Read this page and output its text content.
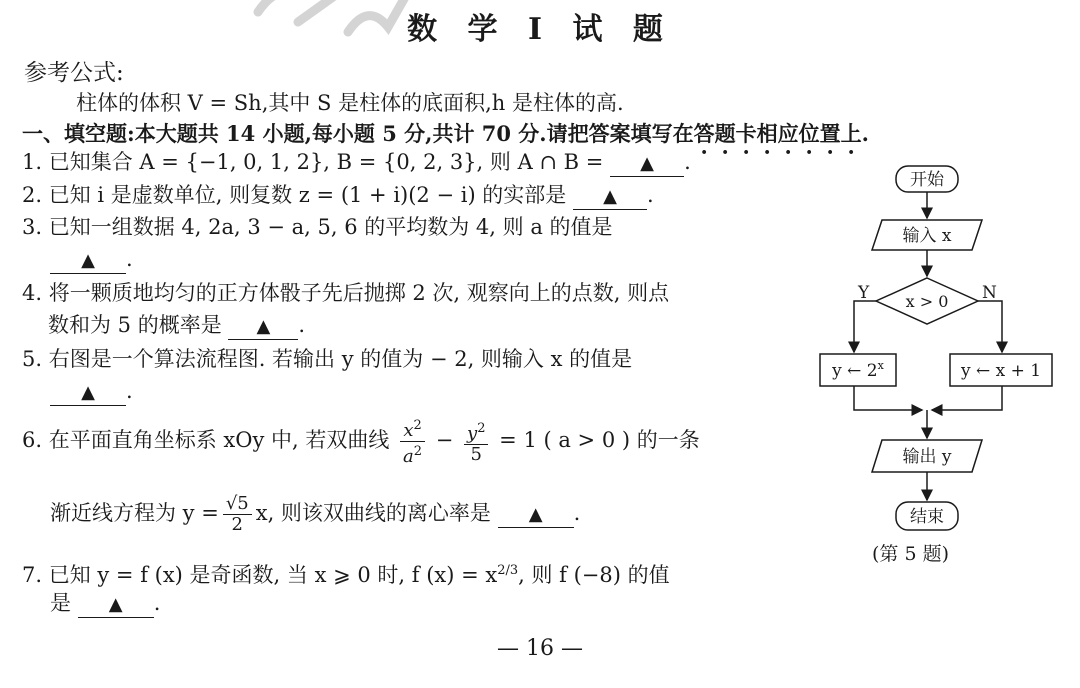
数 学 Ⅰ 试 题
参考公式:
柱体的体积 V = Sh,其中 S 是柱体的底面积,h 是柱体的高.
一、填空题:本大题共 14 小题,每小题 5 分,共计 70 分.请把答案填写在答题卡相应位置上.
1. 已知集合 A = {−1, 0, 1, 2}, B = {0, 2, 3}, 则 A ∩ B = ▲ .
2. 已知 i 是虚数单位, 则复数 z = (1 + i)(2 − i) 的实部是 ▲ .
3. 已知一组数据 4, 2a, 3 − a, 5, 6 的平均数为 4, 则 a 的值是
▲ .
4. 将一颗质地均匀的正方体骰子先后抛掷 2 次, 观察向上的点数, 则点
数和为 5 的概率是 ▲ .
5. 右图是一个算法流程图. 若输出 y 的值为 − 2, 则输入 x 的值是
▲ .
6. 在平面直角坐标系 xOy 中, 若双曲线 $\frac{x^2}{a^2} - \frac{y^2}{5} = 1$ ( a > 0 ) 的一条
渐近线方程为 $y = \frac{√5}{2} x$, 则该双曲线的离心率是 ▲ .
7. 已知 y = f (x) 是奇函数, 当 x ⩾ 0 时, f $(x) = x^{2/3}$, 则 f (−8) 的值
是 ▲ .
开始
输入 x
x > 0
Y	N
y ← 2$^x$	y ← x + 1
输出 y
结束
(第 5 题)
— 16 —
